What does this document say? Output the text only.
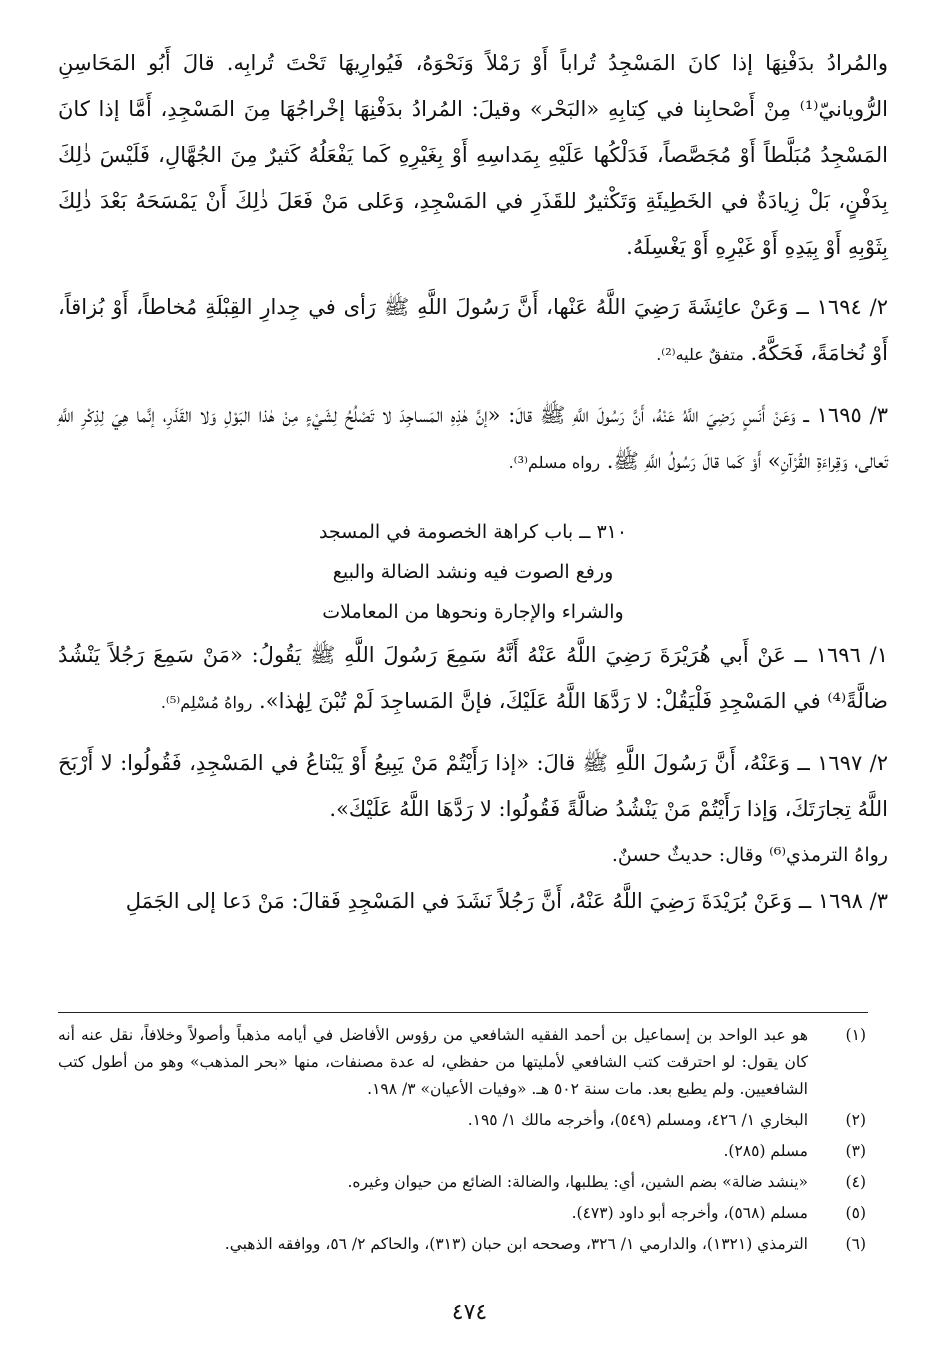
والمُرادُ بدَفْنِهَا إذا كانَ المَسْجِدُ تُراباً أَوْ رَمْلاً وَنَحْوَهُ، فَيُوارِيهَا تَحْتَ تُرابِه. قالَ أَبُو المَحَاسِنِ الرُّويانيّ⁽¹⁾ مِنْ أَصْحابِنا في كِتابِهِ «البَحْر» وقيلَ: المُرادُ بدَفْنِهَا إخْراجُهَا مِنَ المَسْجِدِ، أَمَّا إذا كانَ المَسْجِدُ مُبَلَّطاً أَوْ مُجَصَّصاً، فَدَلْكُها عَلَيْهِ بِمَداسِهِ أَوْ بِغَيْرِهِ كَما يَفْعَلُهُ كَثيرٌ مِنَ الجُهَّالِ، فَلَيْسَ ذٰلِكَ بِدَفْنٍ، بَلْ زِيادَةٌ في الخَطِيئَةِ وَتَكْثيرٌ للقَذَرِ في المَسْجِدِ، وَعَلى مَنْ فَعَلَ ذٰلِكَ أَنْ يَمْسَحَهُ بَعْدَ ذٰلِكَ بِثَوْبِهِ أَوْ بِيَدِهِ أَوْ غَيْرِهِ أَوْ يَغْسِلَهُ.

٢/ ١٦٩٤ ــ وَعَنْ عائِشَةَ رَضِيَ اللَّهُ عَنْها، أَنَّ رَسُولَ اللَّهِ ﷺ رَأى في جِدارِ القِبْلَةِ مُخاطاً، أَوْ بُزاقاً، أَوْ نُخامَةً، فَحَكَّهُ. متفقٌ عليه⁽²⁾.

٣/ ١٦٩٥ ــ وَعَنْ أَنَسٍ رَضِيَ اللَّهُ عَنْهُ، أَنَّ رَسُولَ اللَّهِ ﷺ قالَ: «إنَّ هٰذِهِ المَساجِدَ لا تَصْلُحُ لِشَيْءٍ مِنْ هٰذا البَوْلِ وَلا القَذَرِ، إنَّما هِيَ لِذِكْرِ اللَّهِ تَعالى، وَقِراءَةِ القُرْآنِ» أَوْ كَما قالَ رَسُولُ اللَّهِ ﷺ. رواه مسلم⁽³⁾.

٣١٠ ــ باب كراهة الخصومة في المسجد
ورفع الصوت فيه ونشد الضالة والبيع
والشراء والإجارة ونحوها من المعاملات

١/ ١٦٩٦ ــ عَنْ أَبي هُرَيْرَةَ رَضِيَ اللَّهُ عَنْهُ أَنَّهُ سَمِعَ رَسُولَ اللَّهِ ﷺ يَقُولُ: «مَنْ سَمِعَ رَجُلاً يَنْشُدُ ضالَّةً⁽⁴⁾ في المَسْجِدِ فَلْيَقُلْ: لا رَدَّهَا اللَّهُ عَلَيْكَ، فإنَّ المَساجِدَ لَمْ تُبْنَ لِهٰذا». رواهُ مُسْلِم⁽⁵⁾.

٢/ ١٦٩٧ ــ وَعَنْهُ، أَنَّ رَسُولَ اللَّهِ ﷺ قالَ: «إذا رَأَيْتُمْ مَنْ يَبِيعُ أَوْ يَبْتاعُ في المَسْجِدِ، فَقُولُوا: لا أَرْبَحَ اللَّهُ تِجارَتَكَ، وَإذا رَأَيْتُمْ مَنْ يَنْشُدُ ضالَّةً فَقُولُوا: لا رَدَّهَا اللَّهُ عَلَيْكَ».

رواهُ الترمذي⁽⁶⁾ وقال: حديثٌ حسنٌ.

٣/ ١٦٩٨ ــ وَعَنْ بُرَيْدَةَ رَضِيَ اللَّهُ عَنْهُ، أَنَّ رَجُلاً نَشَدَ في المَسْجِدِ فَقالَ: مَنْ دَعا إلى الجَمَلِ

(١)
هو عبد الواحد بن إسماعيل بن أحمد الفقيه الشافعي من رؤوس الأفاضل في أيامه مذهباً وأصولاً وخلافاً، نقل عنه أنه كان يقول: لو احترقت كتب الشافعي لأمليتها من حفظي، له عدة مصنفات، منها «بحر المذهب» وهو من أطول كتب الشافعيين. ولم يطبع بعد. مات سنة ٥٠٢ هـ. «وفيات الأعيان» ٣/ ١٩٨.
(٢)
البخاري ١/ ٤٢٦، ومسلم (٥٤٩)، وأخرجه مالك ١/ ١٩٥.
(٣)
مسلم (٢٨٥).
(٤)
«ينشد ضالة» بضم الشين، أي: يطلبها، والضالة: الضائع من حيوان وغيره.
(٥)
مسلم (٥٦٨)، وأخرجه أبو داود (٤٧٣).
(٦)
الترمذي (١٣٢١)، والدارمي ١/ ٣٢٦، وصححه ابن حبان (٣١٣)، والحاكم ٢/ ٥٦، ووافقه الذهبي.
٤٧٤
